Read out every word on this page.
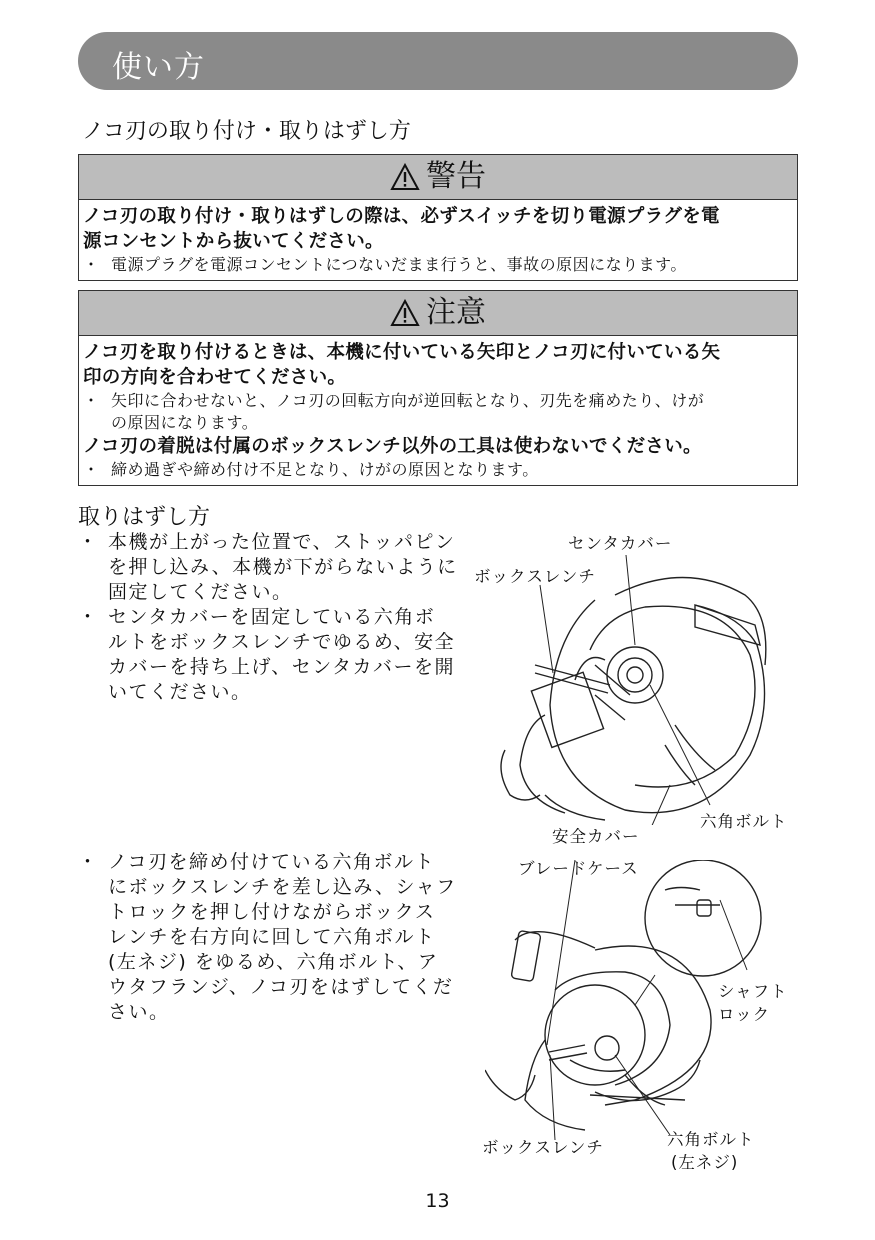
使い方
ノコ刃の取り付け・取りはずし方
警告
ノコ刃の取り付け・取りはずしの際は、必ずスイッチを切り電源プラグを電
源コンセントから抜いてください。
・ 電源プラグを電源コンセントにつないだまま行うと、事故の原因になります。
注意
ノコ刃を取り付けるときは、本機に付いている矢印とノコ刃に付いている矢
印の方向を合わせてください。
・ 矢印に合わせないと、ノコ刃の回転方向が逆回転となり、刃先を痛めたり、けが
の原因になります。
ノコ刃の着脱は付属のボックスレンチ以外の工具は使わないでください。
・ 締め過ぎや締め付け不足となり、けがの原因となります。
取りはずし方
・ 本機が上がった位置で、ストッパピン
を押し込み、本機が下がらないように
固定してください。
・ センタカバーを固定している六角ボ
ルトをボックスレンチでゆるめ、安全
カバーを持ち上げ、センタカバーを開
いてください。
・ ノコ刃を締め付けている六角ボルト
にボックスレンチを差し込み、シャフ
トロックを押し付けながらボックス
レンチを右方向に回して六角ボルト
(左ネジ) をゆるめ、六角ボルト、ア
ウタフランジ、ノコ刃をはずしてくだ
さい。
センタカバー
ボックスレンチ
六角ボルト
安全カバー
ブレードケース
シャフト
ロック
ボックスレンチ	六角ボルト
(左ネジ)
13
